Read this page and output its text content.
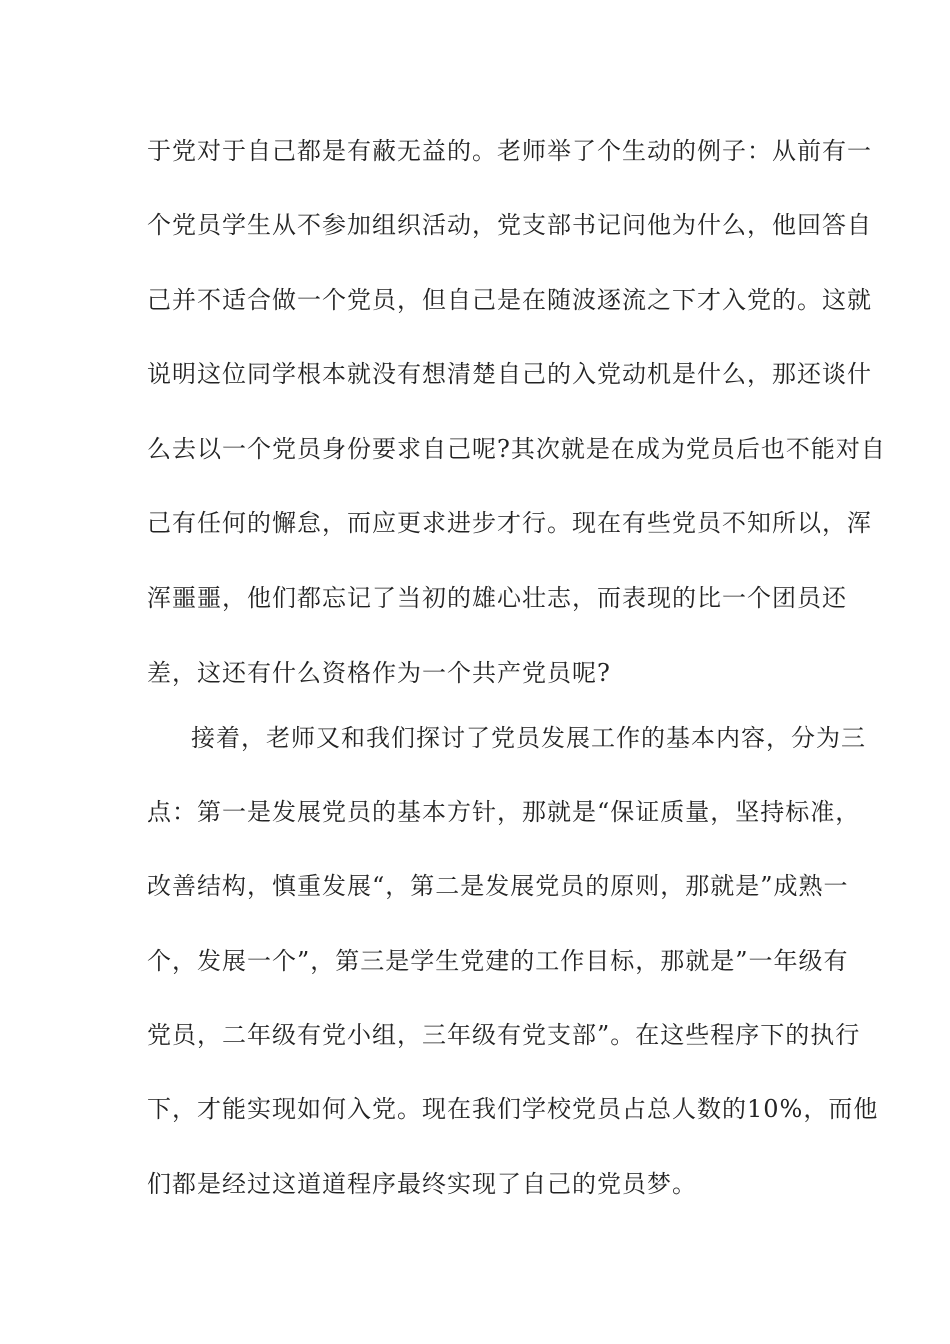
于党对于自己都是有蔽无益的。老师举了个生动的例子：从前有一
个党员学生从不参加组织活动，党支部书记问他为什么，他回答自
己并不适合做一个党员，但自己是在随波逐流之下才入党的。这就
说明这位同学根本就没有想清楚自己的入党动机是什么，那还谈什
么去以一个党员身份要求自己呢?其次就是在成为党员后也不能对自
己有任何的懈怠，而应更求进步才行。现在有些党员不知所以，浑
浑噩噩，他们都忘记了当初的雄心壮志，而表现的比一个团员还
差，这还有什么资格作为一个共产党员呢?
接着，老师又和我们探讨了党员发展工作的基本内容，分为三
点：第一是发展党员的基本方针，那就是“保证质量，坚持标准，
改善结构，慎重发展“，第二是发展党员的原则，那就是”成熟一
个，发展一个”，第三是学生党建的工作目标，那就是”一年级有
党员，二年级有党小组，三年级有党支部”。在这些程序下的执行
下，才能实现如何入党。现在我们学校党员占总人数的10%，而他
们都是经过这道道程序最终实现了自己的党员梦。
